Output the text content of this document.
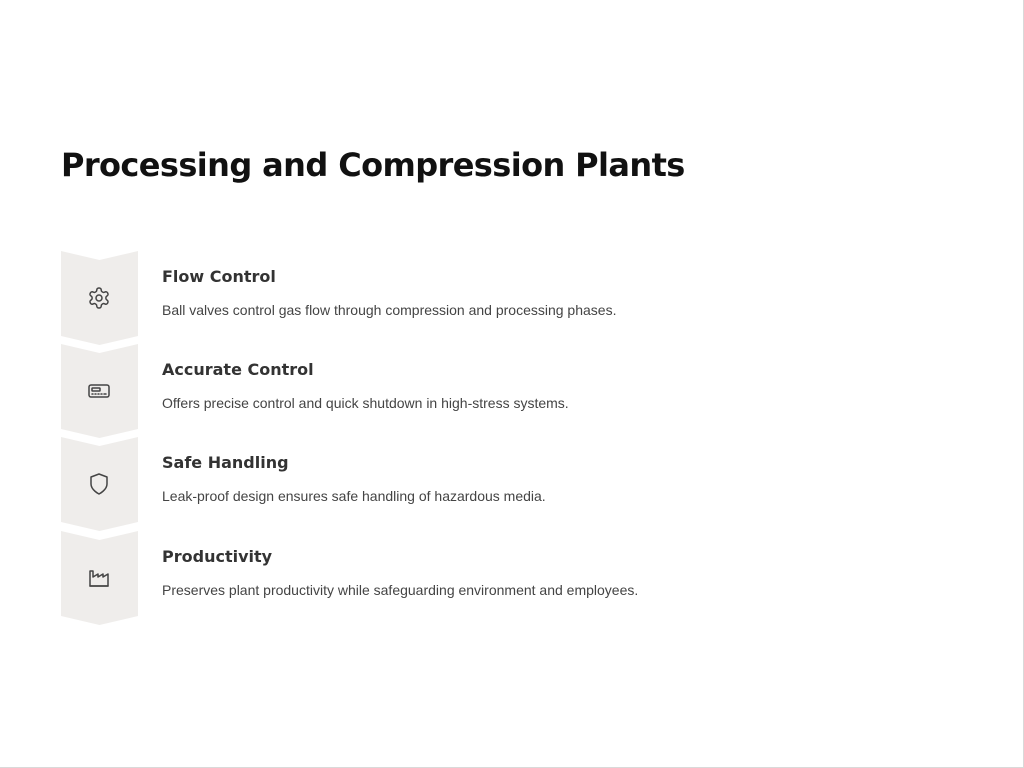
Processing and Compression Plants
Flow Control

Ball valves control gas flow through compression and processing phases.

Accurate Control

Offers precise control and quick shutdown in high-stress systems.

Safe Handling

Leak-proof design ensures safe handling of hazardous media.

Productivity

Preserves plant productivity while safeguarding environment and employees.
